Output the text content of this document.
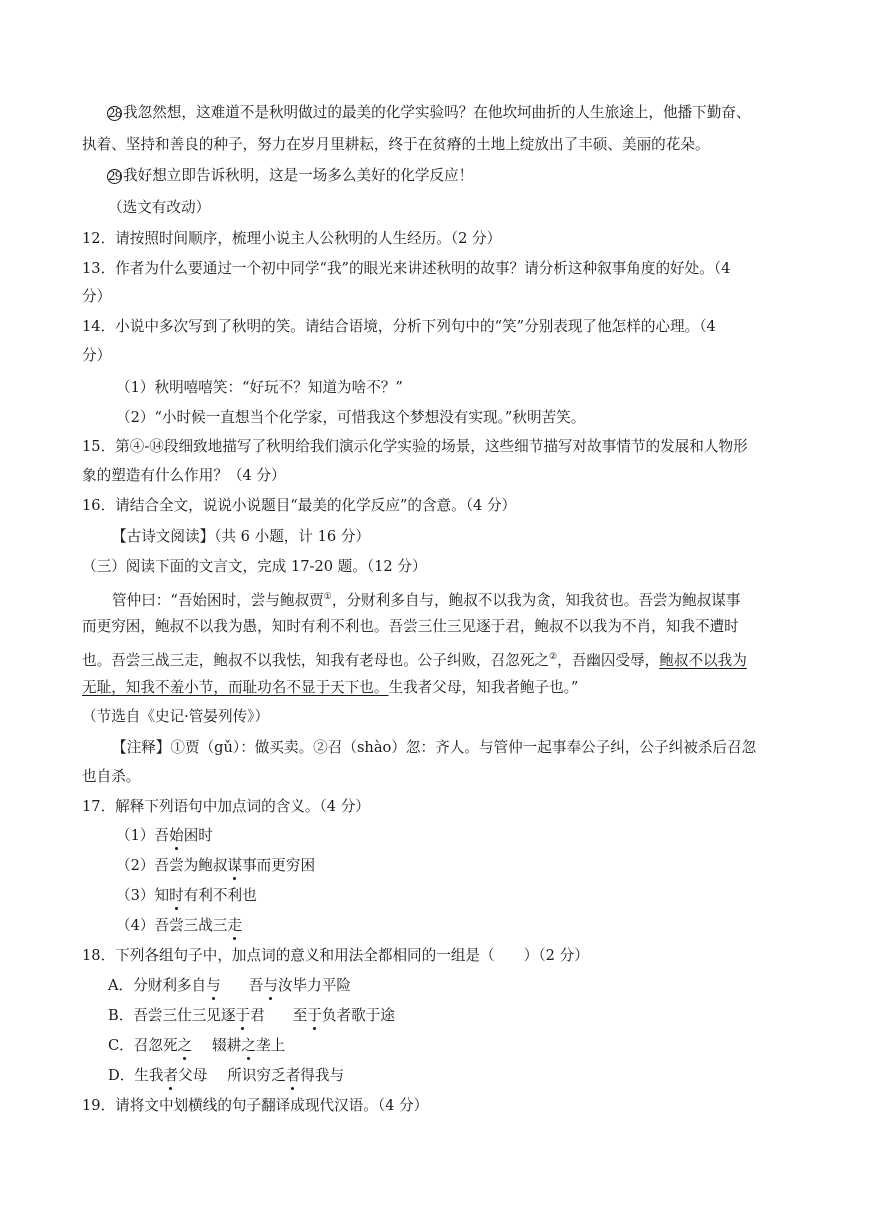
28 我忽然想，这难道不是秋明做过的最美的化学实验吗？在他坎坷曲折的人生旅途上，他播下勤奋、
执着、坚持和善良的种子，努力在岁月里耕耘，终于在贫瘠的土地上绽放出了丰硕、美丽的花朵。
29 我好想立即告诉秋明，这是一场多么美好的化学反应！
（选文有改动）
12．请按照时间顺序，梳理小说主人公秋明的人生经历。（2 分）
13．作者为什么要通过一个初中同学“我”的眼光来讲述秋明的故事？请分析这种叙事角度的好处。（4
分）
14．小说中多次写到了秋明的笑。请结合语境，分析下列句中的“笑”分别表现了他怎样的心理。（4
分）
（1）秋明嘻嘻笑：“好玩不？知道为啥不？”
（2）“小时候一直想当个化学家，可惜我这个梦想没有实现。”秋明苦笑。
15．第④-⑭段细致地描写了秋明给我们演示化学实验的场景，这些细节描写对故事情节的发展和人物形
象的塑造有什么作用？（4 分）
16．请结合全文，说说小说题目“最美的化学反应”的含意。（4 分）
【古诗文阅读】（共 6 小题，计 16 分）
（三）阅读下面的文言文，完成 17-20 题。（12 分）
管仲曰：“吾始困时，尝与鲍叔贾①，分财利多自与，鲍叔不以我为贪，知我贫也。吾尝为鲍叔谋事
而更穷困，鲍叔不以我为愚，知时有利不利也。吾尝三仕三见逐于君，鲍叔不以我为不肖，知我不遭时
也。吾尝三战三走，鲍叔不以我怯，知我有老母也。公子纠败，召忽死之②，吾幽囚受辱，鲍叔不以我为
无耻，知我不羞小节，而耻功名不显于天下也。生我者父母，知我者鲍子也。”
（节选自《史记·管晏列传》）
【注释】①贾（gǔ）：做买卖。②召（shào）忽：齐人。与管仲一起事奉公子纠，公子纠被杀后召忽
也自杀。
17．解释下列语句中加点词的含义。（4 分）
（1）吾始困时
（2）吾尝为鲍叔谋事而更穷困
（3）知时有利不利也
（4）吾尝三战三走
18．下列各组句子中，加点词的意义和用法全都相同的一组是（　　）（2 分）
A．分财利多自与 吾与汝毕力平险
B．吾尝三仕三见逐于君 至于负者歌于途
C．召忽死之 辍耕之垄上
D．生我者父母 所识穷乏者得我与
19．请将文中划横线的句子翻译成现代汉语。（4 分）
